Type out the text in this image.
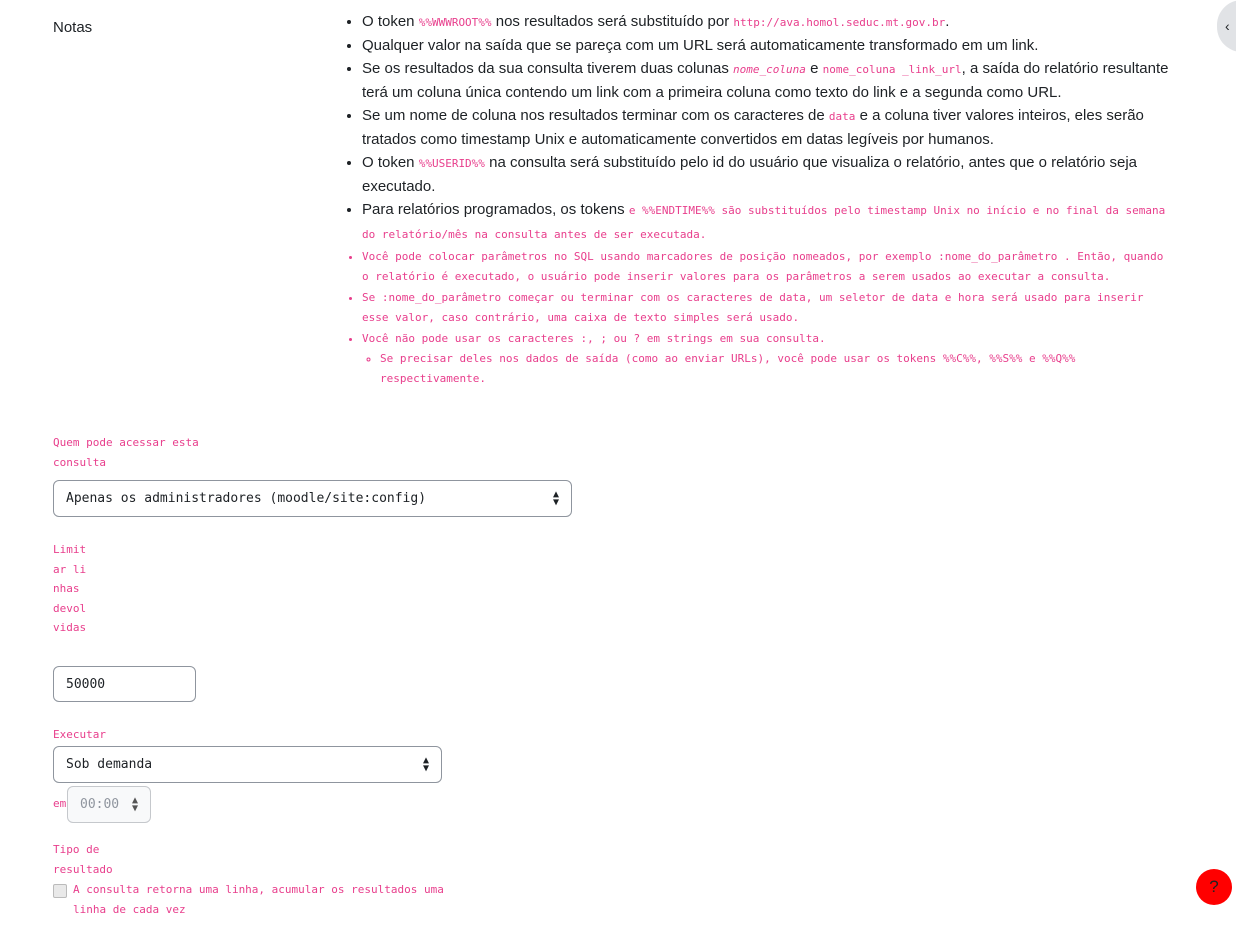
‹
Notas	• O token %%WWWROOT%% nos resultados será substituído por http://ava.homol.seduc.mt.gov.br.
• Qualquer valor na saída que se pareça com um URL será automaticamente transformado em um link.
• Se os resultados da sua consulta tiverem duas colunas nome_coluna e nome_coluna _link_url, a saída do relatório resultante terá um coluna única contendo um link com a primeira coluna como texto do link e a segunda como URL.
• Se um nome de coluna nos resultados terminar com os caracteres de data e a coluna tiver valores inteiros, eles serão tratados como timestamp Unix e automaticamente convertidos em datas legíveis por humanos.
• O token %%USERID%% na consulta será substituído pelo id do usuário que visualiza o relatório, antes que o relatório seja executado.
• Para relatórios programados, os tokens e %%ENDTIME%% são substituídos pelo timestamp Unix no início e no final da semana do relatório/mês na consulta antes de ser executada.
• Você pode colocar parâmetros no SQL usando marcadores de posição nomeados, por exemplo :nome_do_parâmetro . Então, quando o relatório é executado, o usuário pode inserir valores para os parâmetros a serem usados ao executar a consulta.
• Se :nome_do_parâmetro começar ou terminar com os caracteres de data, um seletor de data e hora será usado para inserir esse valor, caso contrário, uma caixa de texto simples será usado.
• Você não pode usar os caracteres :, ; ou ? em strings em sua consulta.
◦ Se precisar deles nos dados de saída (como ao enviar URLs), você pode usar os tokens %%C%%, %%S%% e %%Q%% respectivamente.
Quem pode acessar esta consulta
Apenas os administradores (moodle/site:config)	▲
▼
Limitar linhas devolvidas
50000
Executar
Sob demanda	▲
▼
em 00:00 ▲
▼
Tipo de resultado
A consulta retorna uma linha, acumular os resultados uma linha de cada vez
?
